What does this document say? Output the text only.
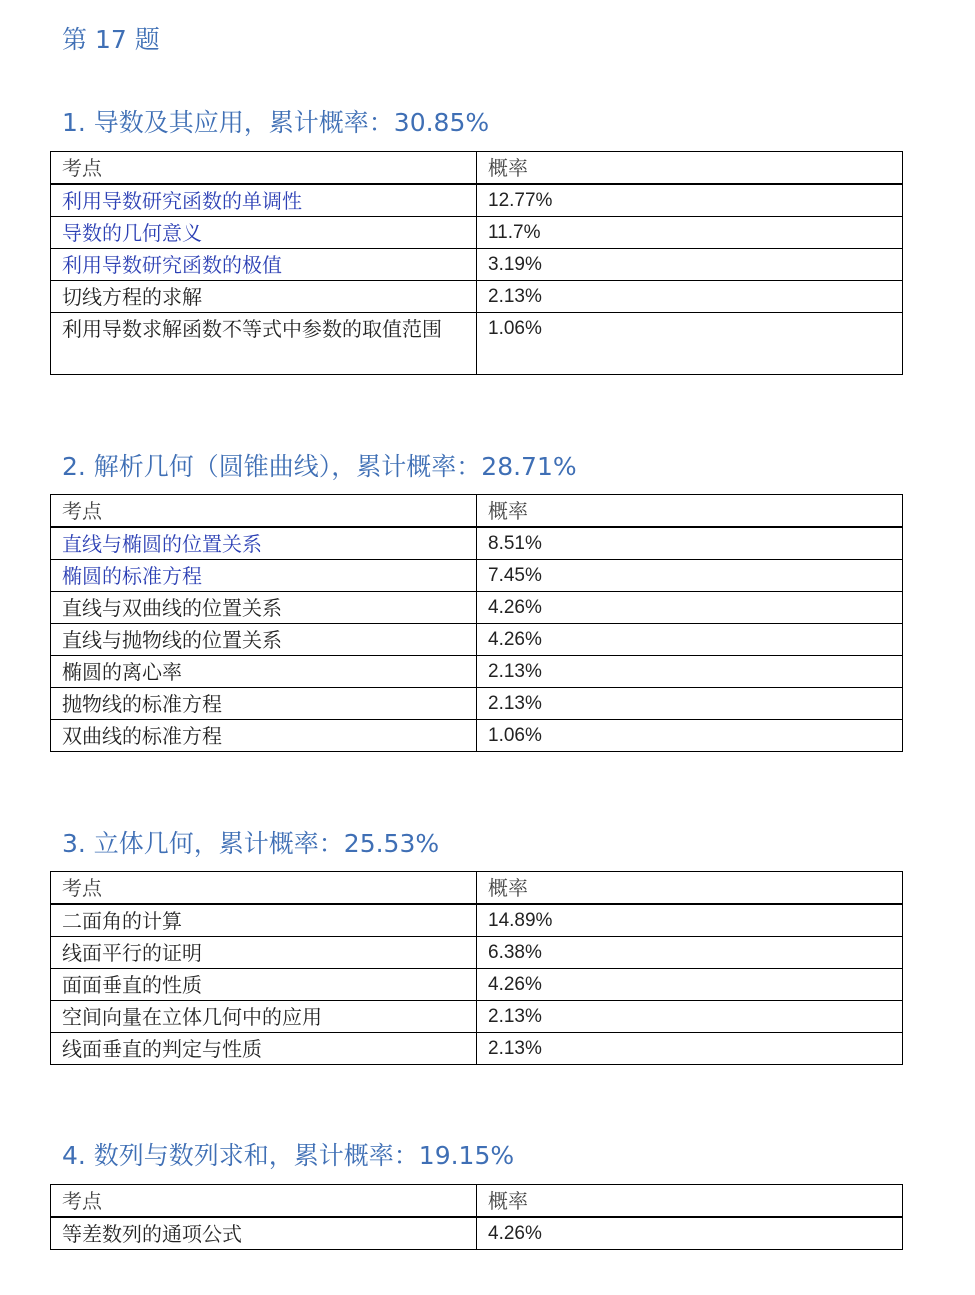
第 17 题
1. 导数及其应用，累计概率：30.85%
考点	概率
利用导数研究函数的单调性	12.77%
导数的几何意义	11.7%
利用导数研究函数的极值	3.19%
切线方程的求解	2.13%
利用导数求解函数不等式中参数的取值范围	1.06%
2. 解析几何（圆锥曲线），累计概率：28.71%
考点	概率
直线与椭圆的位置关系	8.51%
椭圆的标准方程	7.45%
直线与双曲线的位置关系	4.26%
直线与抛物线的位置关系	4.26%
椭圆的离心率	2.13%
抛物线的标准方程	2.13%
双曲线的标准方程	1.06%
3. 立体几何，累计概率：25.53%
考点	概率
二面角的计算	14.89%
线面平行的证明	6.38%
面面垂直的性质	4.26%
空间向量在立体几何中的应用	2.13%
线面垂直的判定与性质	2.13%
4. 数列与数列求和，累计概率：19.15%
考点	概率
等差数列的通项公式	4.26%
